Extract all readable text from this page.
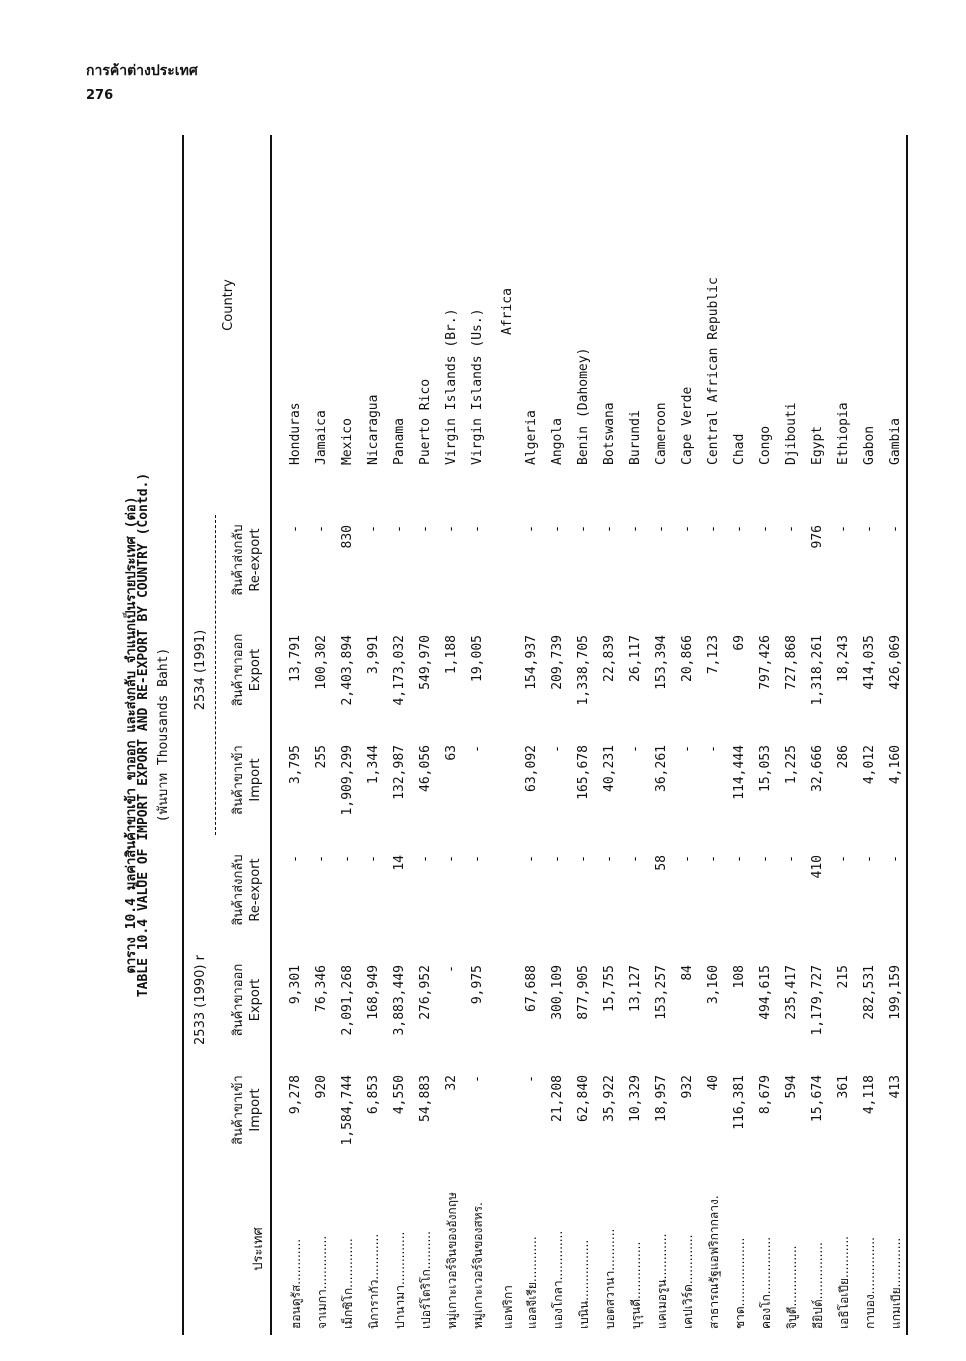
การค้าต่างประเทศ
276
ตาราง 10.4 มูลค่าสินค้าขาเข้า ขาออก และส่งกลับ จำแนกเป็นรายประเทศ (ต่อ)
TABLE 10.4 VALUE OF IMPORT EXPORT AND RE-EXPORT BY COUNTRY (Contd.) (พันบาท Thousands Baht)
ประเทศ
Country
2533 (1990) r
2534 (1991)
สินค้าขาเข้า Import
สินค้าขาออก Export
สินค้าส่งกลับ Re-export
สินค้าขาเข้า Import
สินค้าขาออก Export
สินค้าส่งกลับ Re-export
ฮอนดูรัส............
9,278
9,301
-
3,795
13,791
-
Honduras
จาเมกา..............
920
76,346
-
255
100,302
-
Jamaica
เม็กซิโก.............
1,584,744
2,091,268
-
1,909,299
2,403,894
830
Mexico
นิการากัว............
6,853
168,949
-
1,344
3,991
-
Nicaragua
ปานามา..............
4,550
3,883,449
14
132,987
4,173,032
-
Panama
เปอร์โตริโก..........
54,883
276,952
-
46,056
549,970
-
Puerto Rico
หมู่เกาะเวอร์จินของอังกฤษ
32
-
-
63
1,188
-
Virgin Islands (Br.)
หมู่เกาะเวอร์จินของสหร.
-
9,975
-
-
19,005
-
Virgin Islands (Us.)
แอฟริกา
Africa
แอลจีเรีย............
-
67,688
-
63,092
154,937
-
Algeria
แองโกลา.............
21,208
300,109
-
-
209,739
-
Angola
เบนิน................
62,840
877,905
-
165,678
1,338,705
-
Benin (Dahomey)
บอตสวานา...........
35,922
15,755
-
40,231
22,839
-
Botswana
บุรุนดี...............
10,329
13,127
-
-
26,117
-
Burundi
แคเมอรูน............
18,957
153,257
58
36,261
153,394
-
Cameroon
เคปเวิร์ด.............
932
84
-
-
20,866
-
Cape Verde
สาธารณรัฐแอฟริกากลาง.
40
3,160
-
-
7,123
-
Central African Republic
ชาด..................
116,381
108
-
114,444
69
-
Chad
คองโก...............
8,679
494,615
-
15,053
797,426
-
Congo
จิบูตี................
594
235,417
-
1,225
727,868
-
Djibouti
อียิปต์...............
15,674
1,179,727
410
32,666
1,318,261
976
Egypt
เอธิโอเปีย...........
361
215
-
286
18,243
-
Ethiopia
กาบอง...............
4,118
282,531
-
4,012
414,035
-
Gabon
แกมเบีย.............
413
199,159
-
4,160
426,069
-
Gambia
